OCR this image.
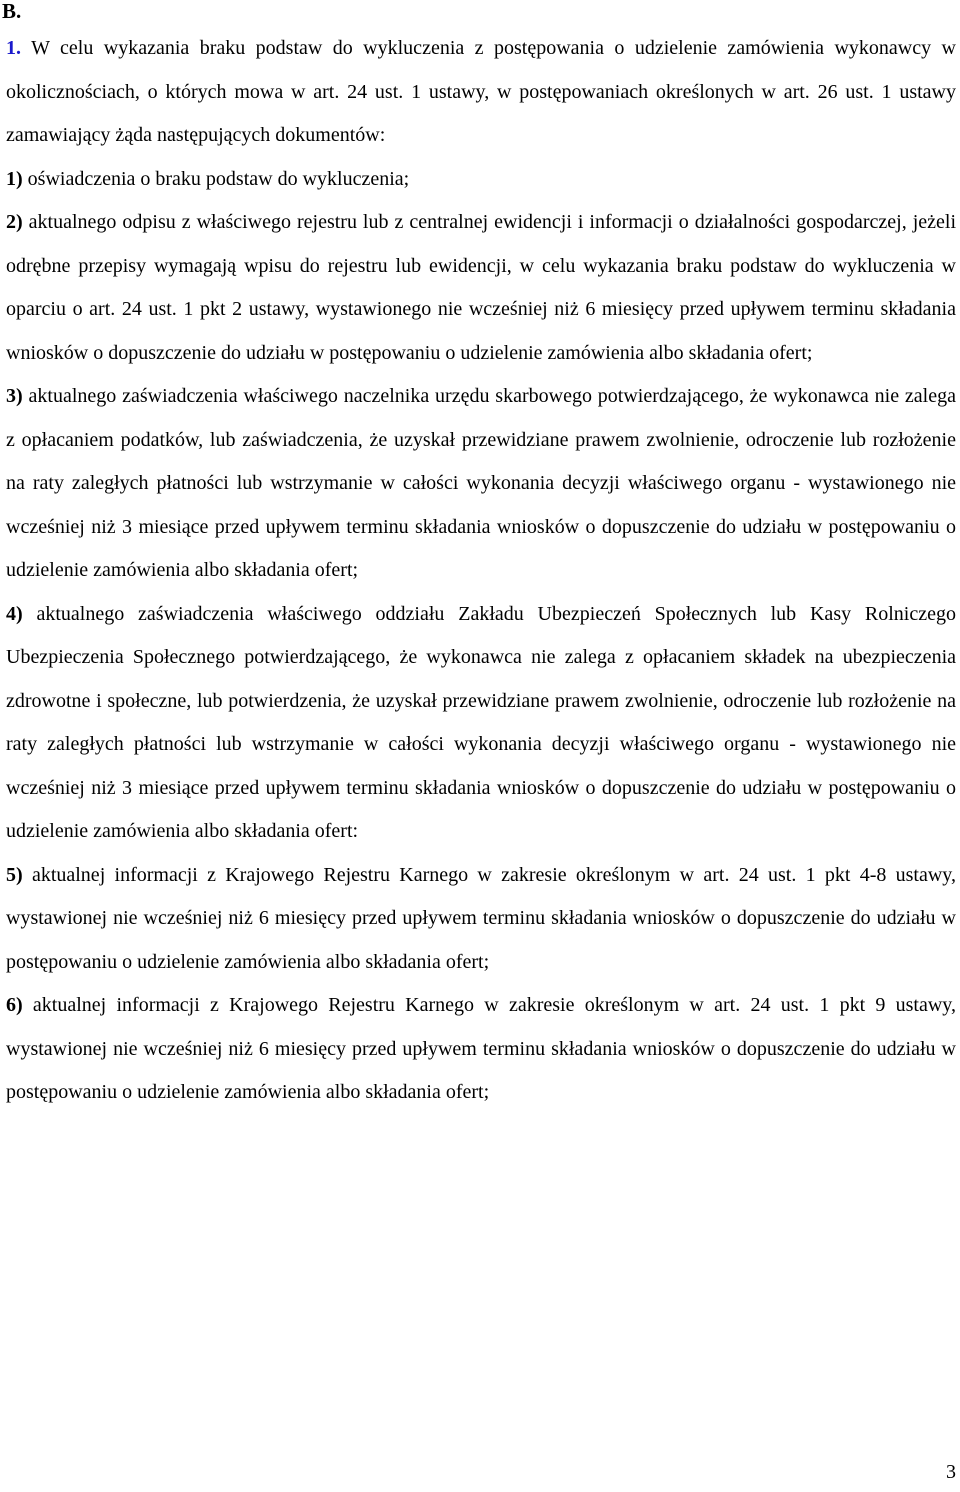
B.

1. W celu wykazania braku podstaw do wykluczenia z postępowania o udzielenie zamówienia wykonawcy w okolicznościach, o których mowa w art. 24 ust. 1 ustawy, w postępowaniach określonych w art. 26 ust. 1 ustawy zamawiający żąda następujących dokumentów:

1) oświadczenia o braku podstaw do wykluczenia;

2) aktualnego odpisu z właściwego rejestru lub z centralnej ewidencji i informacji o działalności gospodarczej, jeżeli odrębne przepisy wymagają wpisu do rejestru lub ewidencji, w celu wykazania braku podstaw do wykluczenia w oparciu o art. 24 ust. 1 pkt 2 ustawy, wystawionego nie wcześniej niż 6 miesięcy przed upływem terminu składania wniosków o dopuszczenie do udziału w postępowaniu o udzielenie zamówienia albo składania ofert;

3) aktualnego zaświadczenia właściwego naczelnika urzędu skarbowego potwierdzającego, że wykonawca nie zalega z opłacaniem podatków, lub zaświadczenia, że uzyskał przewidziane prawem zwolnienie, odroczenie lub rozłożenie na raty zaległych płatności lub wstrzymanie w całości wykonania decyzji właściwego organu - wystawionego nie wcześniej niż 3 miesiące przed upływem terminu składania wniosków o dopuszczenie do udziału w postępowaniu o udzielenie zamówienia albo składania ofert;

4) aktualnego zaświadczenia właściwego oddziału Zakładu Ubezpieczeń Społecznych lub Kasy Rolniczego Ubezpieczenia Społecznego potwierdzającego, że wykonawca nie zalega z opłacaniem składek na ubezpieczenia zdrowotne i społeczne, lub potwierdzenia, że uzyskał przewidziane prawem zwolnienie, odroczenie lub rozłożenie na raty zaległych płatności lub wstrzymanie w całości wykonania decyzji właściwego organu - wystawionego nie wcześniej niż 3 miesiące przed upływem terminu składania wniosków o dopuszczenie do udziału w postępowaniu o udzielenie zamówienia albo składania ofert:

5) aktualnej informacji z Krajowego Rejestru Karnego w zakresie określonym w art. 24 ust. 1 pkt 4-8 ustawy, wystawionej nie wcześniej niż 6 miesięcy przed upływem terminu składania wniosków o dopuszczenie do udziału w postępowaniu o udzielenie zamówienia albo składania ofert;

6) aktualnej informacji z Krajowego Rejestru Karnego w zakresie określonym w art. 24 ust. 1 pkt 9 ustawy, wystawionej nie wcześniej niż 6 miesięcy przed upływem terminu składania wniosków o dopuszczenie do udziału w postępowaniu o udzielenie zamówienia albo składania ofert;

3
